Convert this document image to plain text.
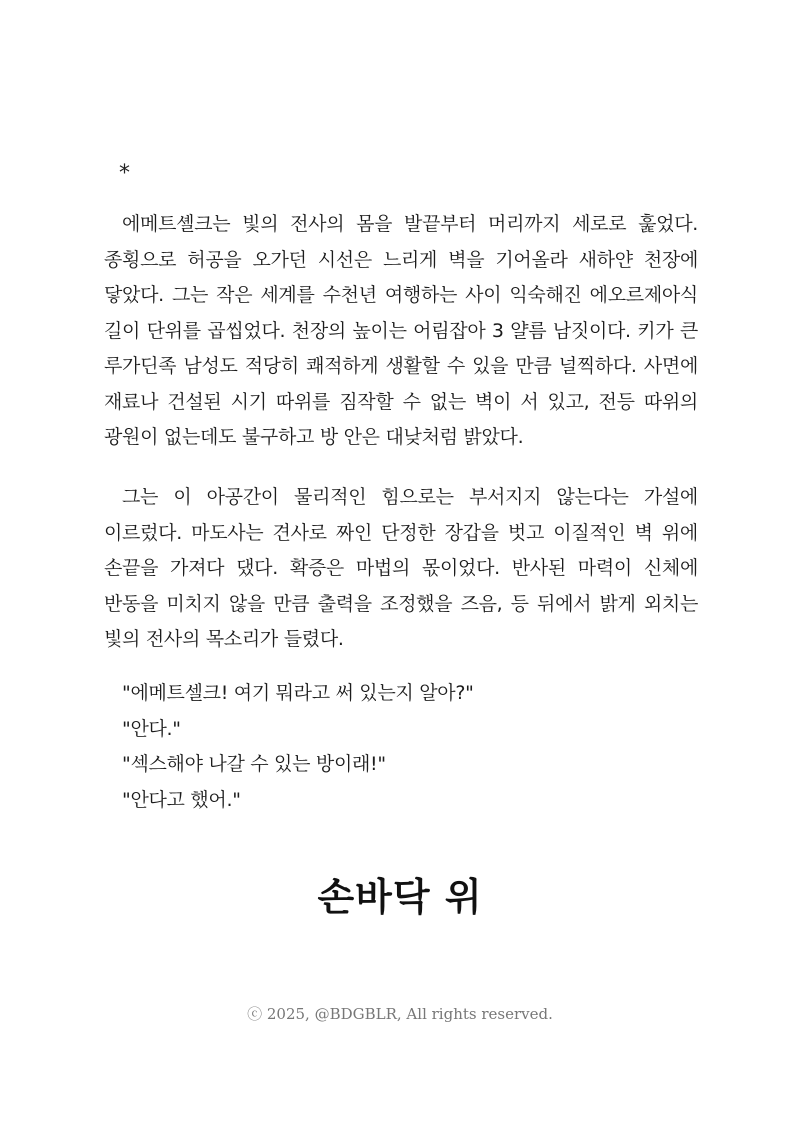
*

에메트셸크는 빛의 전사의 몸을 발끝부터 머리까지 세로로 훑었다. 종횡으로 허공을 오가던 시선은 느리게 벽을 기어올라 새하얀 천장에 닿았다. 그는 작은 세계를 수천년 여행하는 사이 익숙해진 에오르제아식 길이 단위를 곱씹었다. 천장의 높이는 어림잡아 3 얄름 남짓이다. 키가 큰 루가딘족 남성도 적당히 쾌적하게 생활할 수 있을 만큼 널찍하다. 사면에 재료나 건설된 시기 따위를 짐작할 수 없는 벽이 서 있고, 전등 따위의 광원이 없는데도 불구하고 방 안은 대낮처럼 밝았다.

그는 이 아공간이 물리적인 힘으로는 부서지지 않는다는 가설에 이르렀다. 마도사는 견사로 짜인 단정한 장갑을 벗고 이질적인 벽 위에 손끝을 가져다 댔다. 확증은 마법의 몫이었다. 반사된 마력이 신체에 반동을 미치지 않을 만큼 출력을 조정했을 즈음, 등 뒤에서 밝게 외치는 빛의 전사의 목소리가 들렸다.

"에메트셀크! 여기 뭐라고 써 있는지 알아?"
"안다."
"섹스해야 나갈 수 있는 방이래!"
"안다고 했어."
손바닥 위
ⓒ 2025, @BDGBLR, All rights reserved.
